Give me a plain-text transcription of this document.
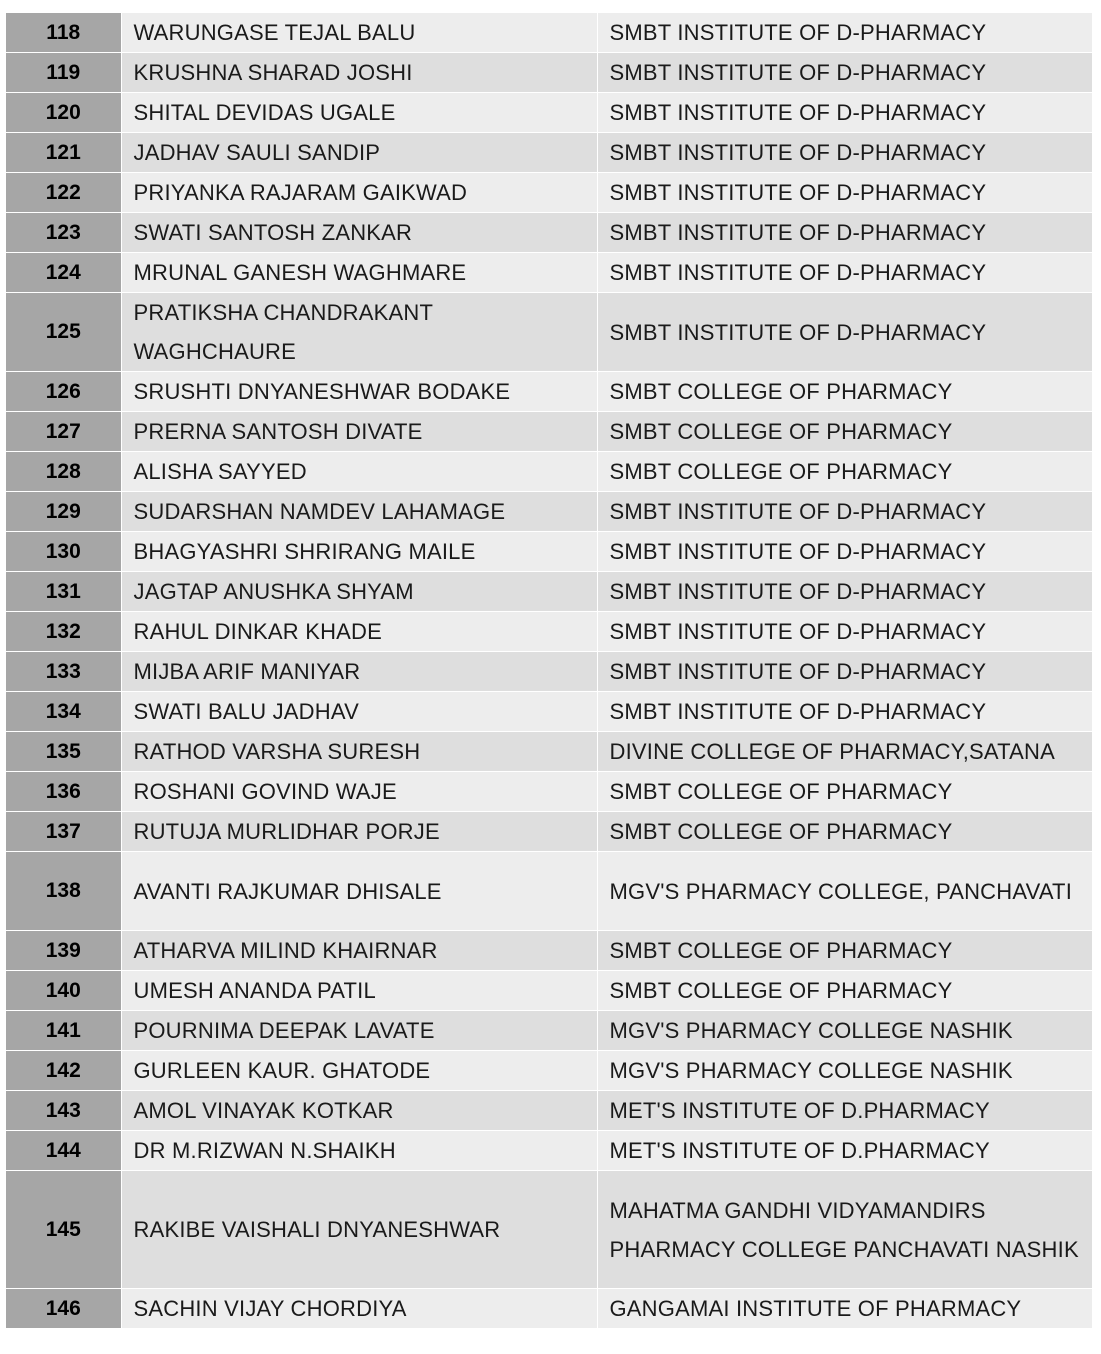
118	WARUNGASE TEJAL BALU	SMBT INSTITUTE OF D-PHARMACY
119	KRUSHNA SHARAD JOSHI	SMBT INSTITUTE OF D-PHARMACY
120	SHITAL DEVIDAS UGALE	SMBT INSTITUTE OF D-PHARMACY
121	JADHAV SAULI SANDIP	SMBT INSTITUTE OF D-PHARMACY
122	PRIYANKA RAJARAM GAIKWAD	SMBT INSTITUTE OF D-PHARMACY
123	SWATI SANTOSH ZANKAR	SMBT INSTITUTE OF D-PHARMACY
124	MRUNAL GANESH WAGHMARE	SMBT INSTITUTE OF D-PHARMACY
125	PRATIKSHA CHANDRAKANT WAGHCHAURE	SMBT INSTITUTE OF D-PHARMACY
126	SRUSHTI DNYANESHWAR BODAKE	SMBT COLLEGE OF PHARMACY
127	PRERNA SANTOSH DIVATE	SMBT COLLEGE OF PHARMACY
128	ALISHA SAYYED	SMBT COLLEGE OF PHARMACY
129	SUDARSHAN NAMDEV LAHAMAGE	SMBT INSTITUTE OF D-PHARMACY
130	BHAGYASHRI SHRIRANG MAILE	SMBT INSTITUTE OF D-PHARMACY
131	JAGTAP ANUSHKA SHYAM	SMBT INSTITUTE OF D-PHARMACY
132	RAHUL DINKAR KHADE	SMBT INSTITUTE OF D-PHARMACY
133	MIJBA ARIF MANIYAR	SMBT INSTITUTE OF D-PHARMACY
134	SWATI BALU JADHAV	SMBT INSTITUTE OF D-PHARMACY
135	RATHOD VARSHA SURESH	DIVINE COLLEGE OF PHARMACY,SATANA
136	ROSHANI GOVIND WAJE	SMBT COLLEGE OF PHARMACY
137	RUTUJA MURLIDHAR PORJE	SMBT COLLEGE OF PHARMACY
138	AVANTI RAJKUMAR DHISALE	MGV'S PHARMACY COLLEGE, PANCHAVATI
139	ATHARVA MILIND KHAIRNAR	SMBT COLLEGE OF PHARMACY
140	UMESH ANANDA PATIL	SMBT COLLEGE OF PHARMACY
141	POURNIMA DEEPAK LAVATE	MGV'S PHARMACY COLLEGE NASHIK
142	GURLEEN KAUR. GHATODE	MGV'S PHARMACY COLLEGE NASHIK
143	AMOL VINAYAK KOTKAR	MET'S INSTITUTE OF D.PHARMACY
144	DR M.RIZWAN N.SHAIKH	MET'S INSTITUTE OF D.PHARMACY
145	RAKIBE VAISHALI DNYANESHWAR	MAHATMA GANDHI VIDYAMANDIRS PHARMACY COLLEGE PANCHAVATI NASHIK
146	SACHIN VIJAY CHORDIYA	GANGAMAI INSTITUTE OF PHARMACY
